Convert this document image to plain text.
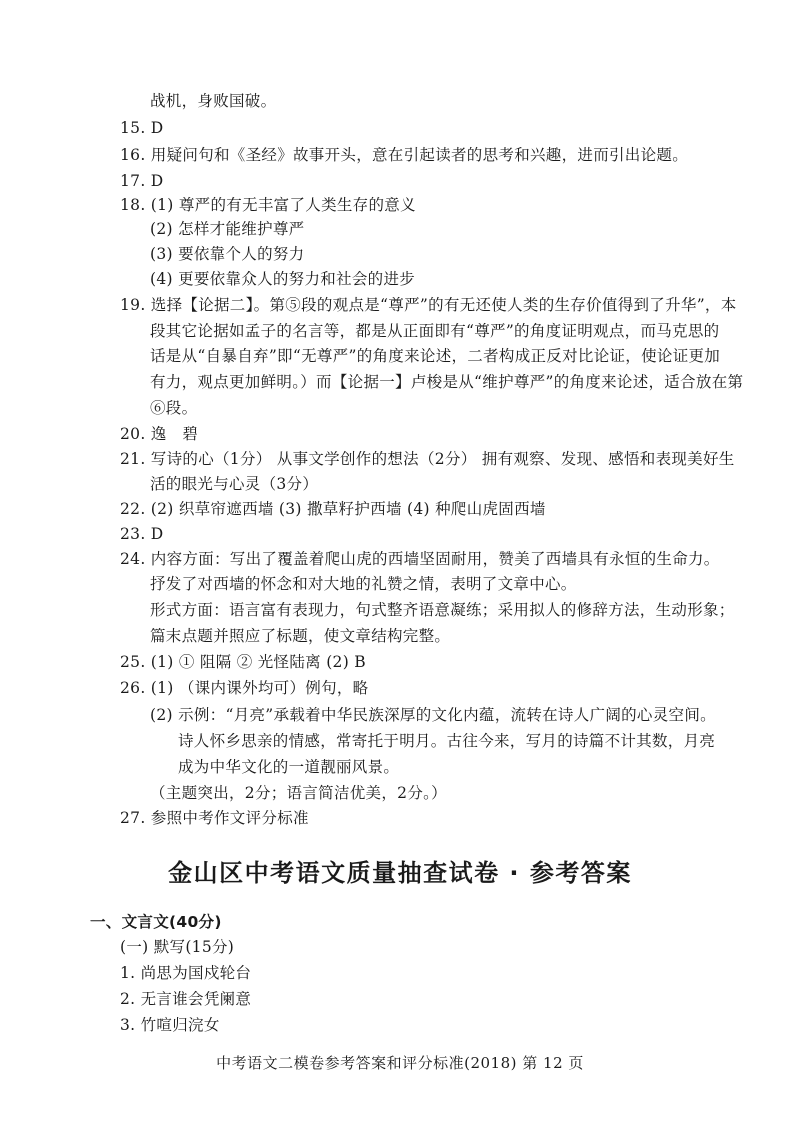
战机，身败国破。
15. D
16. 用疑问句和《圣经》故事开头，意在引起读者的思考和兴趣，进而引出论题。
17. D
18. (1) 尊严的有无丰富了人类生存的意义
(2) 怎样才能维护尊严
(3) 要依靠个人的努力
(4) 更要依靠众人的努力和社会的进步
19. 选择【论据二】。第⑤段的观点是“尊严”的有无还使人类的生存价值得到了升华”，本
段其它论据如孟子的名言等，都是从正面即有“尊严”的角度证明观点，而马克思的
话是从“自暴自弃”即“无尊严”的角度来论述，二者构成正反对比论证，使论证更加
有力，观点更加鲜明。）而【论据一】卢梭是从“维护尊严”的角度来论述，适合放在第
⑥段。
20. 逸　碧
21. 写诗的心（1分） 从事文学创作的想法（2分） 拥有观察、发现、感悟和表现美好生
活的眼光与心灵（3分）
22. (2) 织草帘遮西墙 (3) 撒草籽护西墙 (4) 种爬山虎固西墙
23. D
24. 内容方面：写出了覆盖着爬山虎的西墙坚固耐用，赞美了西墙具有永恒的生命力。
抒发了对西墙的怀念和对大地的礼赞之情，表明了文章中心。
形式方面：语言富有表现力，句式整齐语意凝练；采用拟人的修辞方法，生动形象；
篇末点题并照应了标题，使文章结构完整。
25. (1) ① 阻隔 ② 光怪陆离 (2) B
26. (1) （课内课外均可）例句，略
(2) 示例：“月亮”承载着中华民族深厚的文化内蕴，流转在诗人广阔的心灵空间。
诗人怀乡思亲的情感，常寄托于明月。古往今来，写月的诗篇不计其数，月亮
成为中华文化的一道靓丽风景。
（主题突出，2分；语言简洁优美，2分。）
27. 参照中考作文评分标准
金山区中考语文质量抽查试卷 · 参考答案
一、文言文(40分)
(一) 默写(15分)
1. 尚思为国戍轮台
2. 无言谁会凭阑意
3. 竹喧归浣女
中考语文二模卷参考答案和评分标准(2018) 第 12 页
